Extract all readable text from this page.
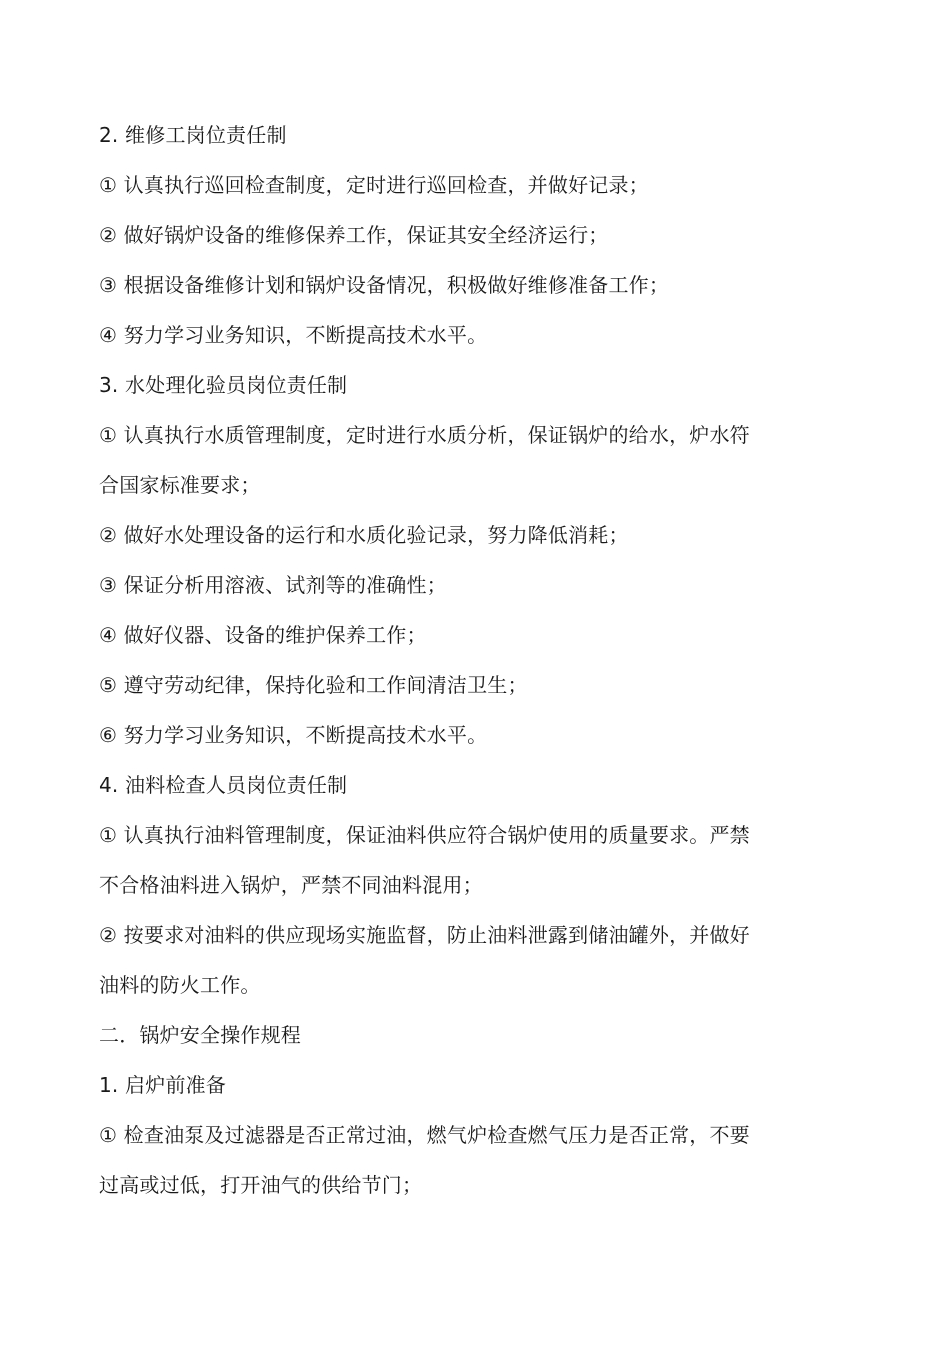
2. 维修工岗位责任制
① 认真执行巡回检查制度，定时进行巡回检查，并做好记录；
② 做好锅炉设备的维修保养工作，保证其安全经济运行；
③ 根据设备维修计划和锅炉设备情况，积极做好维修准备工作；
④ 努力学习业务知识，不断提高技术水平。
3. 水处理化验员岗位责任制
① 认真执行水质管理制度，定时进行水质分析，保证锅炉的给水，炉水符
合国家标准要求；
② 做好水处理设备的运行和水质化验记录，努力降低消耗；
③ 保证分析用溶液、试剂等的准确性；
④ 做好仪器、设备的维护保养工作；
⑤ 遵守劳动纪律，保持化验和工作间清洁卫生；
⑥ 努力学习业务知识，不断提高技术水平。
4. 油料检查人员岗位责任制
① 认真执行油料管理制度，保证油料供应符合锅炉使用的质量要求。严禁
不合格油料进入锅炉，严禁不同油料混用；
② 按要求对油料的供应现场实施监督，防止油料泄露到储油罐外，并做好
油料的防火工作。
二．锅炉安全操作规程
1. 启炉前准备
① 检查油泵及过滤器是否正常过油，燃气炉检查燃气压力是否正常，不要
过高或过低，打开油气的供给节门；
